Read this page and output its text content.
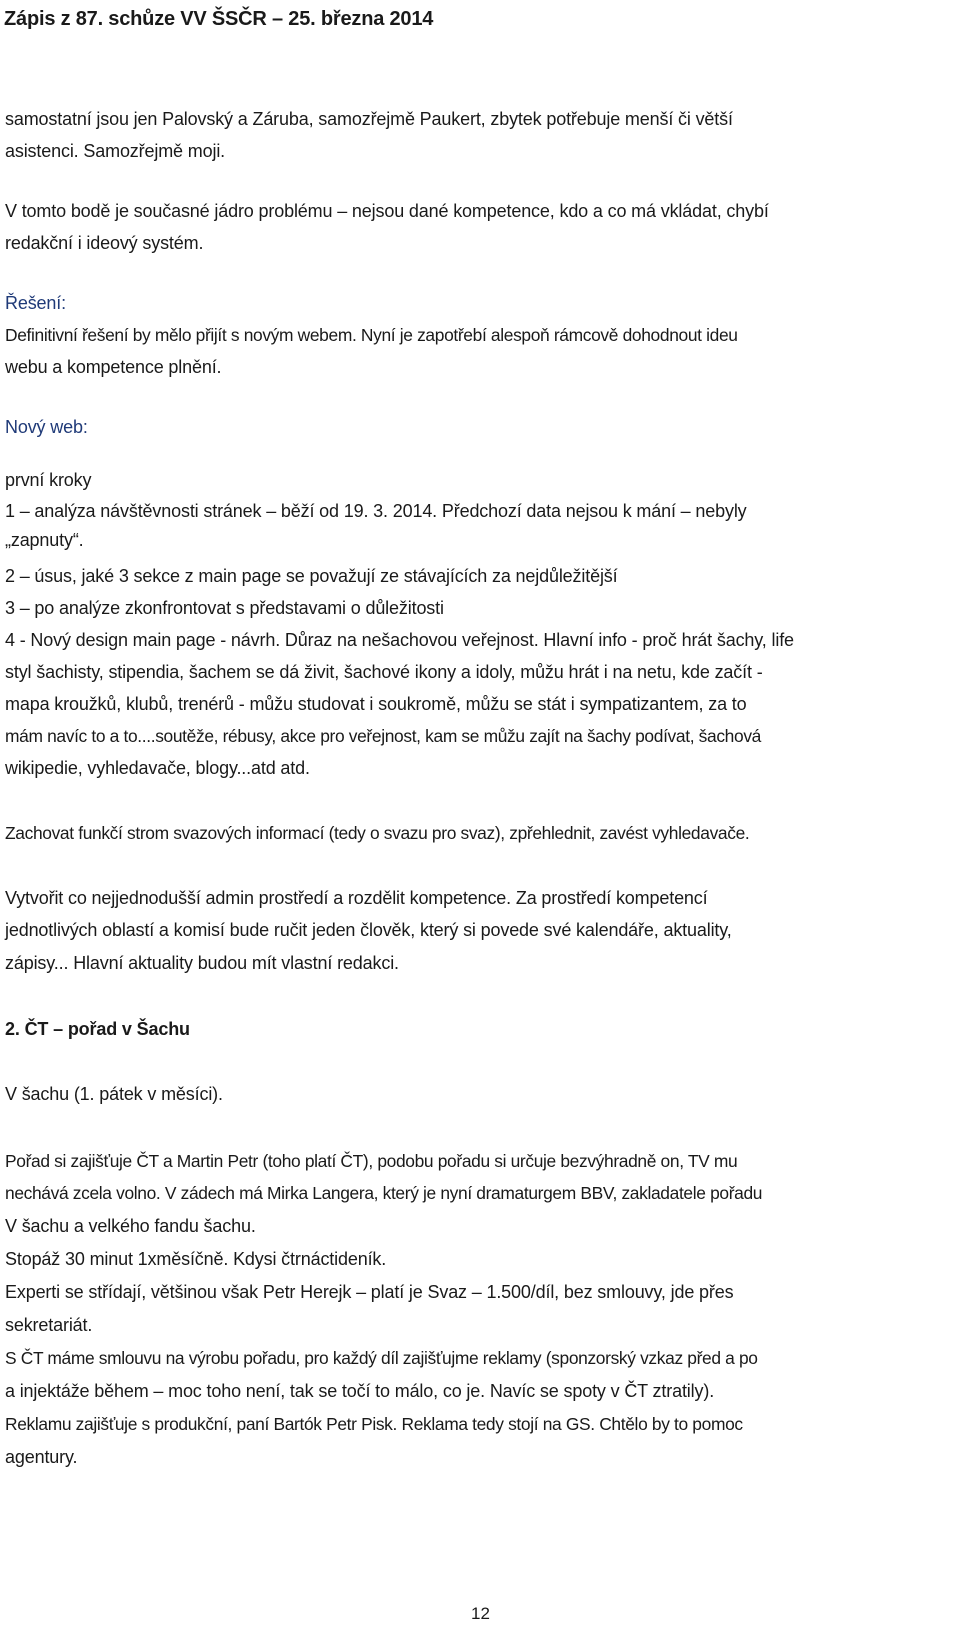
Zápis z 87. schůze VV ŠSČR – 25. března 2014
samostatní jsou jen Palovský a Záruba, samozřejmě Paukert, zbytek potřebuje menší či větší
asistenci. Samozřejmě moji.
V tomto bodě je současné jádro problému – nejsou dané kompetence, kdo a co má vkládat, chybí
redakční i ideový systém.
Řešení:
Definitivní řešení by mělo přijít s novým webem. Nyní je zapotřebí alespoň rámcově dohodnout ideu
webu a kompetence plnění.
Nový web:
první kroky
1 – analýza návštěvnosti stránek – běží od 19. 3. 2014. Předchozí data nejsou k mání – nebyly
„zapnuty“.
2 – úsus, jaké 3 sekce z main page se považují ze stávajících za nejdůležitější
3 – po analýze zkonfrontovat s představami o důležitosti
4 - Nový design main page - návrh. Důraz na nešachovou veřejnost. Hlavní info - proč hrát šachy, life
styl šachisty, stipendia, šachem se dá živit, šachové ikony a idoly, můžu hrát i na netu, kde začít -
mapa kroužků, klubů, trenérů - můžu studovat i soukromě, můžu se stát i sympatizantem, za to
mám navíc to a to....soutěže, rébusy, akce pro veřejnost, kam se můžu zajít na šachy podívat, šachová
wikipedie, vyhledavače, blogy...atd atd.
Zachovat funkčí strom svazových informací (tedy o svazu pro svaz), zpřehlednit, zavést vyhledavače.
Vytvořit co nejjednodušší admin prostředí a rozdělit kompetence. Za prostředí kompetencí
jednotlivých oblastí a komisí bude ručit jeden člověk, který si povede své kalendáře, aktuality,
zápisy... Hlavní aktuality budou mít vlastní redakci.
2. ČT – pořad v Šachu
V šachu (1. pátek v měsíci).
Pořad si zajišťuje ČT a Martin Petr (toho platí ČT), podobu pořadu si určuje bezvýhradně on, TV mu
nechává zcela volno. V zádech má Mirka Langera, který je nyní dramaturgem BBV, zakladatele pořadu
V šachu a velkého fandu šachu.
Stopáž 30 minut 1xměsíčně. Kdysi čtrnáctideník.
Experti se střídají, většinou však Petr Herejk – platí je Svaz – 1.500/díl, bez smlouvy, jde přes
sekretariát.
S ČT máme smlouvu na výrobu pořadu, pro každý díl zajišťujme reklamy (sponzorský vzkaz před a po
a injektáže během – moc toho není, tak se točí to málo, co je. Navíc se spoty v ČT ztratily).
Reklamu zajišťuje s produkční, paní Bartók Petr Pisk. Reklama tedy stojí na GS. Chtělo by to pomoc
agentury.
12
